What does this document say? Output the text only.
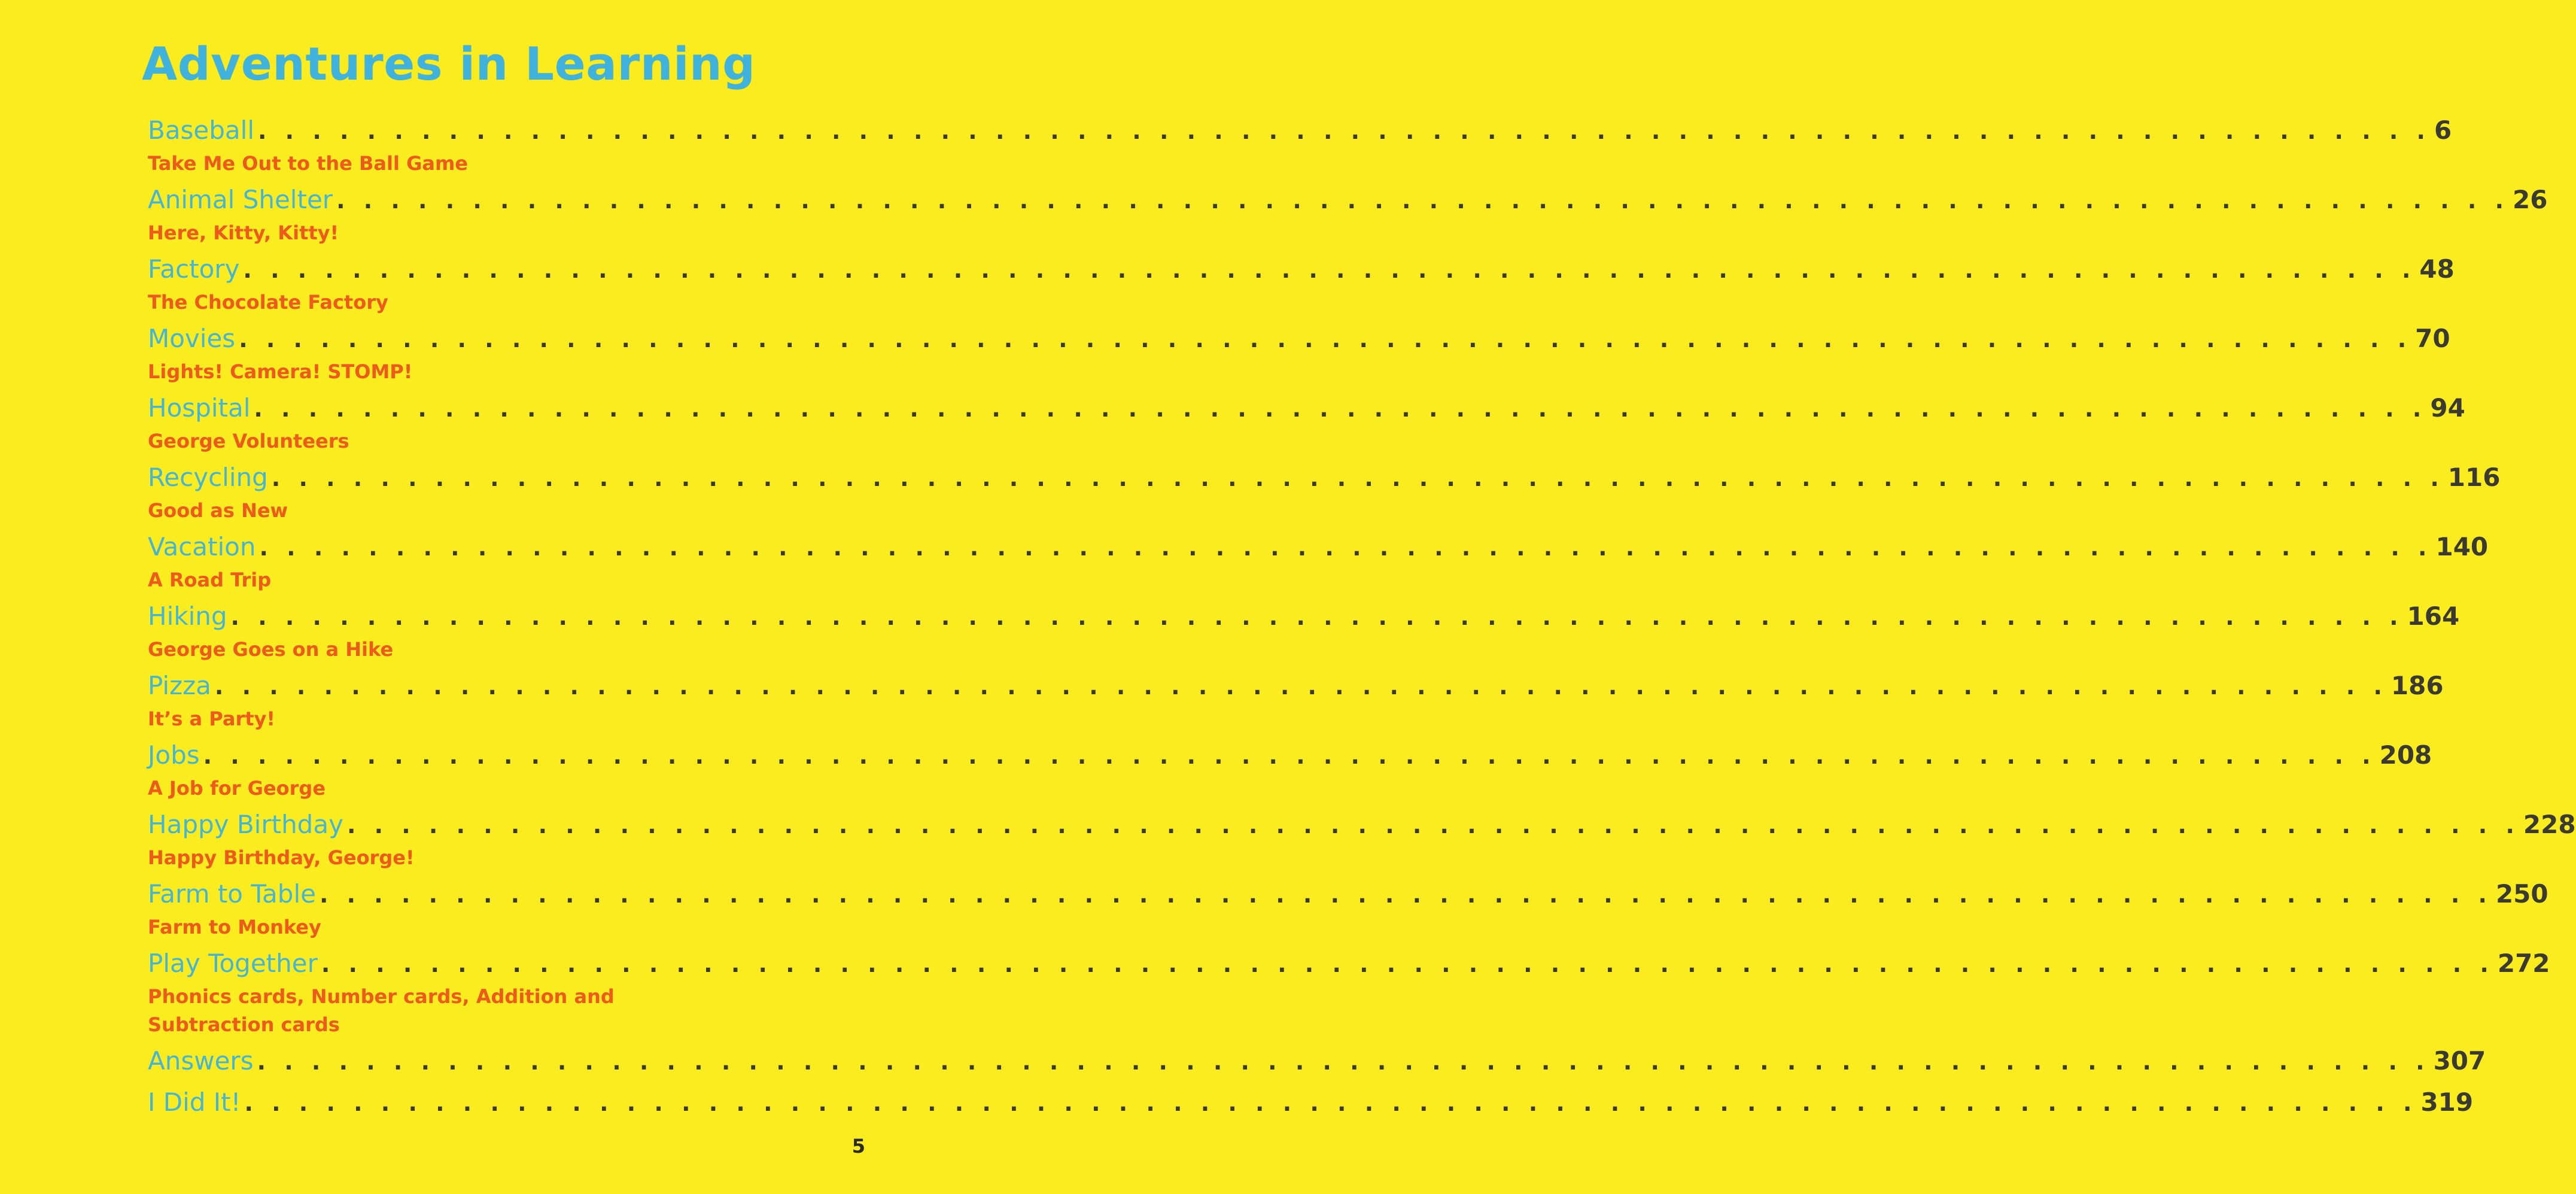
Adventures in Learning
Baseball . . . . . . . . . . . . . . . . . . . . . . . . . . . . . . . . . . . . . . . . . . . . . . . . . . . . . . . . . . . . . . . . . . . . . . . . . . . . . . . . 6
Take Me Out to the Ball Game
Animal Shelter . . . . . . . . . . . . . . . . . . . . . . . . . . . . . . . . . . . . . . . . . . . . . . . . . . . . . . . . . . . . . . . . . . . . . . . . . . . . . . . . 26
Here, Kitty, Kitty!
Factory . . . . . . . . . . . . . . . . . . . . . . . . . . . . . . . . . . . . . . . . . . . . . . . . . . . . . . . . . . . . . . . . . . . . . . . . . . . . . . . . 48
The Chocolate Factory
Movies . . . . . . . . . . . . . . . . . . . . . . . . . . . . . . . . . . . . . . . . . . . . . . . . . . . . . . . . . . . . . . . . . . . . . . . . . . . . . . . . 70
Lights! Camera! STOMP!
Hospital . . . . . . . . . . . . . . . . . . . . . . . . . . . . . . . . . . . . . . . . . . . . . . . . . . . . . . . . . . . . . . . . . . . . . . . . . . . . . . . . 94
George Volunteers
Recycling . . . . . . . . . . . . . . . . . . . . . . . . . . . . . . . . . . . . . . . . . . . . . . . . . . . . . . . . . . . . . . . . . . . . . . . . . . . . . . . . 116
Good as New
Vacation . . . . . . . . . . . . . . . . . . . . . . . . . . . . . . . . . . . . . . . . . . . . . . . . . . . . . . . . . . . . . . . . . . . . . . . . . . . . . . . . 140
A Road Trip
Hiking . . . . . . . . . . . . . . . . . . . . . . . . . . . . . . . . . . . . . . . . . . . . . . . . . . . . . . . . . . . . . . . . . . . . . . . . . . . . . . . . 164
George Goes on a Hike
Pizza . . . . . . . . . . . . . . . . . . . . . . . . . . . . . . . . . . . . . . . . . . . . . . . . . . . . . . . . . . . . . . . . . . . . . . . . . . . . . . . . 186
It’s a Party!
Jobs . . . . . . . . . . . . . . . . . . . . . . . . . . . . . . . . . . . . . . . . . . . . . . . . . . . . . . . . . . . . . . . . . . . . . . . . . . . . . . . . 208
A Job for George
Happy Birthday . . . . . . . . . . . . . . . . . . . . . . . . . . . . . . . . . . . . . . . . . . . . . . . . . . . . . . . . . . . . . . . . . . . . . . . . . . . . . . . . 228
Happy Birthday, George!
Farm to Table . . . . . . . . . . . . . . . . . . . . . . . . . . . . . . . . . . . . . . . . . . . . . . . . . . . . . . . . . . . . . . . . . . . . . . . . . . . . . . . . 250
Farm to Monkey
Play Together . . . . . . . . . . . . . . . . . . . . . . . . . . . . . . . . . . . . . . . . . . . . . . . . . . . . . . . . . . . . . . . . . . . . . . . . . . . . . . . . 272
Phonics cards, Number cards, Addition and Subtraction cards
Answers . . . . . . . . . . . . . . . . . . . . . . . . . . . . . . . . . . . . . . . . . . . . . . . . . . . . . . . . . . . . . . . . . . . . . . . . . . . . . . . . 307
I Did It! . . . . . . . . . . . . . . . . . . . . . . . . . . . . . . . . . . . . . . . . . . . . . . . . . . . . . . . . . . . . . . . . . . . . . . . . . . . . . . . . 319
5
